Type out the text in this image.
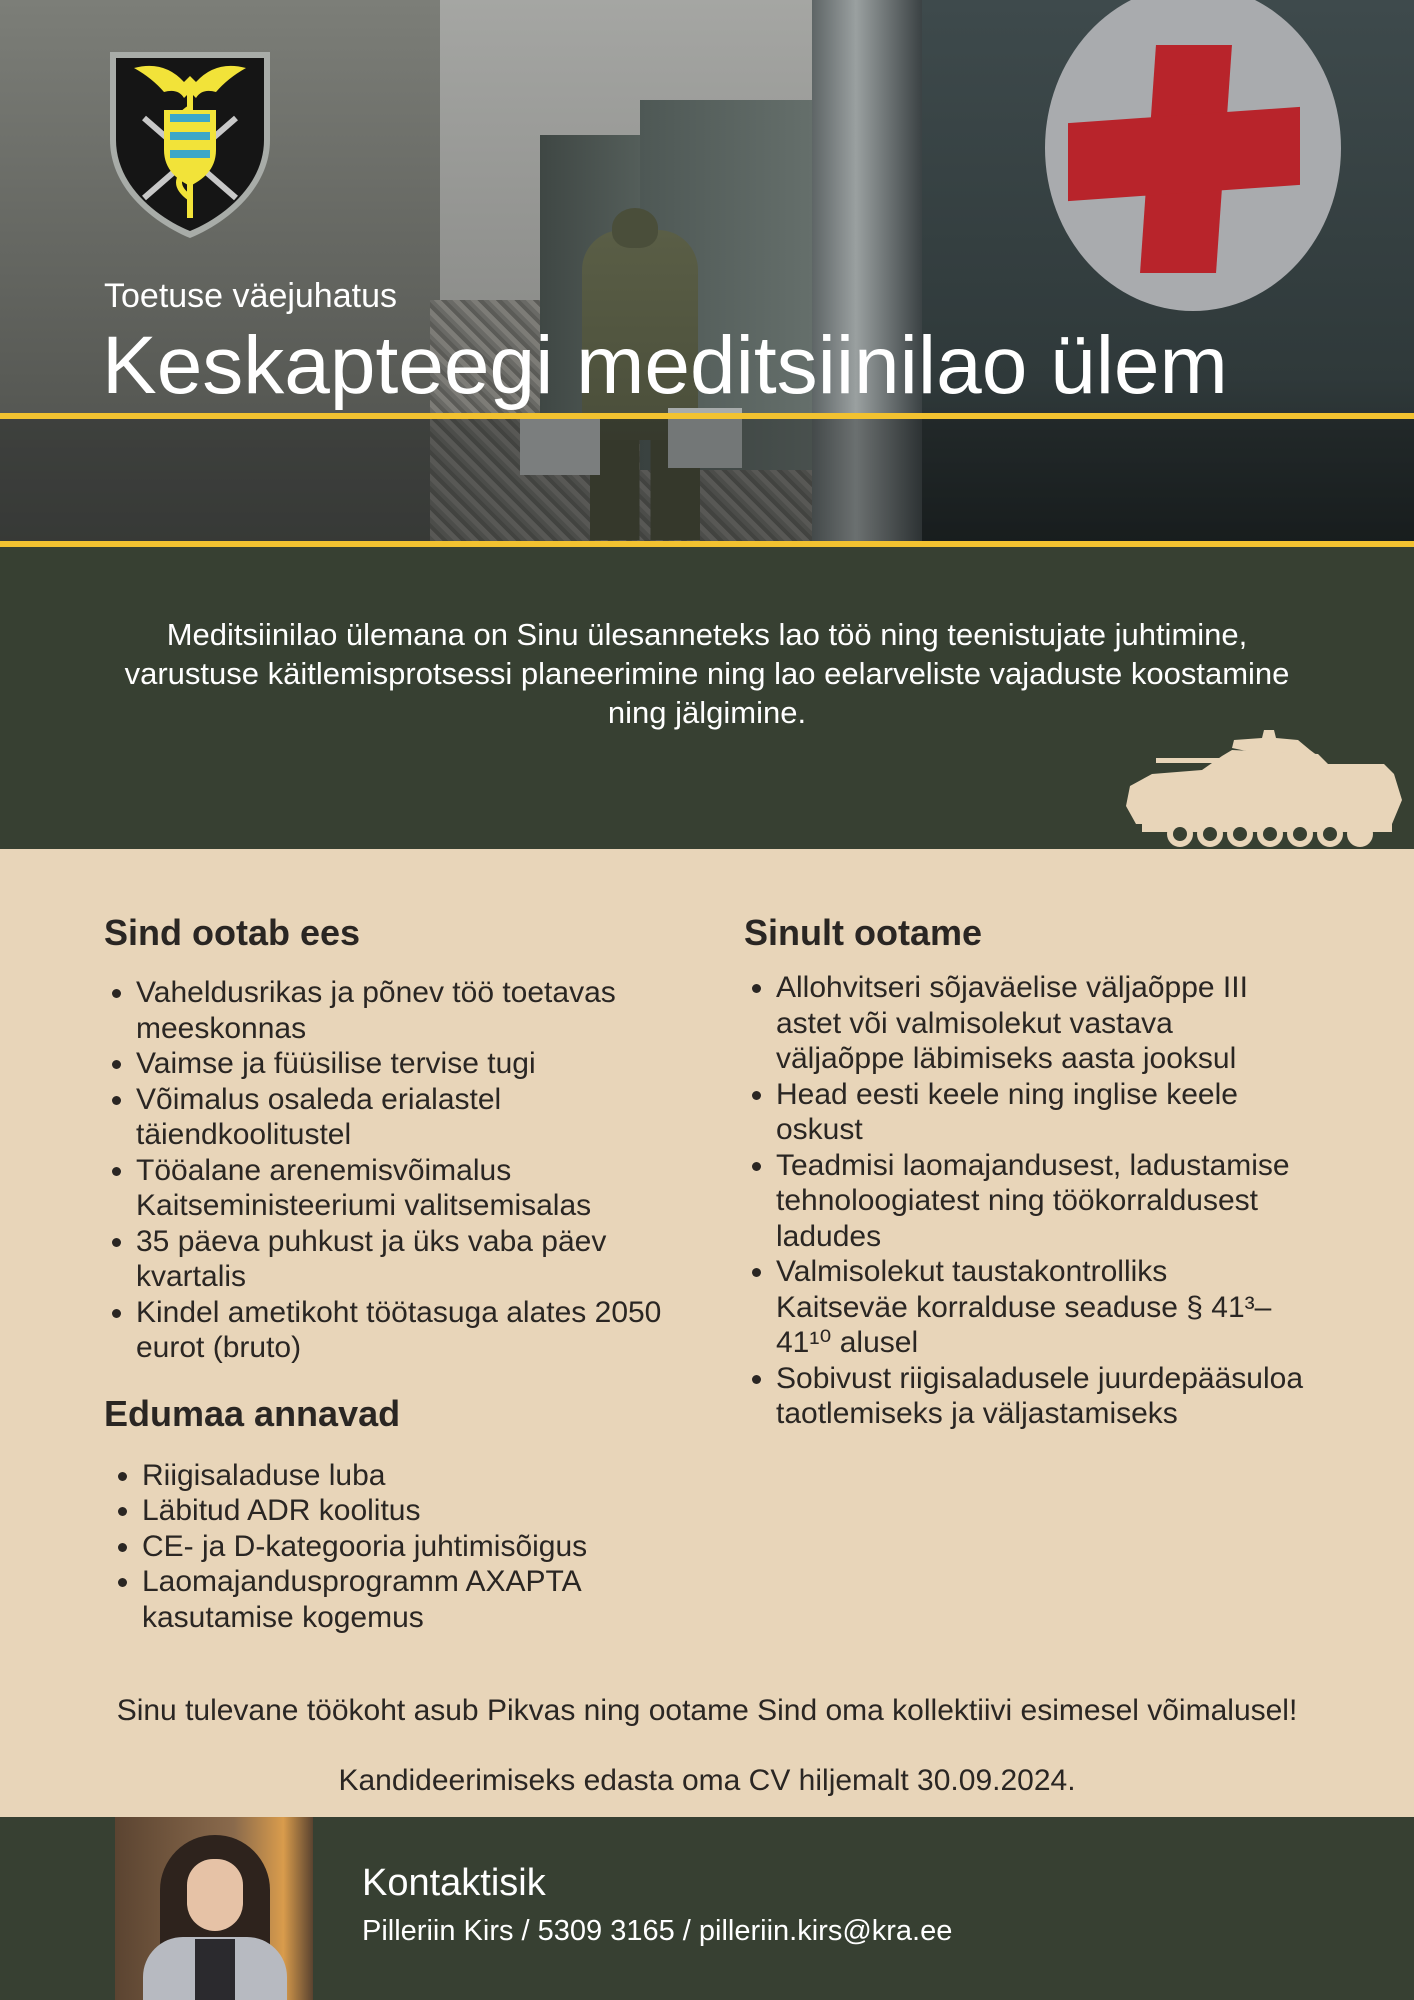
Toetuse väejuhatus
Keskapteegi meditsiinilao ülem

Meditsiinilao ülemana on Sinu ülesanneteks lao töö ning teenistujate juhtimine, varustuse käitlemisprotsessi planeerimine ning lao eelarveliste vajaduste koostamine ning jälgimine.

Sind ootab ees
• Vaheldusrikas ja põnev töö toetavas meeskonnas
• Vaimse ja füüsilise tervise tugi
• Võimalus osaleda erialastel täiendkoolitustel
• Tööalane arenemisvõimalus Kaitseministeeriumi valitsemisalas
• 35 päeva puhkust ja üks vaba päev kvartalis
• Kindel ametikoht töötasuga alates 2050 eurot (bruto)
Edumaa annavad
• Riigisaladuse luba
• Läbitud ADR koolitus
• CE- ja D-kategooria juhtimisõigus
• Laomajandusprogramm AXAPTA kasutamise kogemus
Sinult ootame
• Allohvitseri sõjaväelise väljaõppe III astet või valmisolekut vastava väljaõppe läbimiseks aasta jooksul
• Head eesti keele ning inglise keele oskust
• Teadmisi laomajandusest, ladustamise tehnoloogiatest ning töökorraldusest ladudes
• Valmisolekut taustakontrolliks Kaitseväe korralduse seaduse § 41³–41¹⁰ alusel
• Sobivust riigisaladusele juurdepääsuloa taotlemiseks ja väljastamiseks
Sinu tulevane töökoht asub Pikvas ning ootame Sind oma kollektiivi esimesel võimalusel!
Kandideerimiseks edasta oma CV hiljemalt 30.09.2024.
Kontaktisik
Pilleriin Kirs / 5309 3165 / pilleriin.kirs@kra.ee
